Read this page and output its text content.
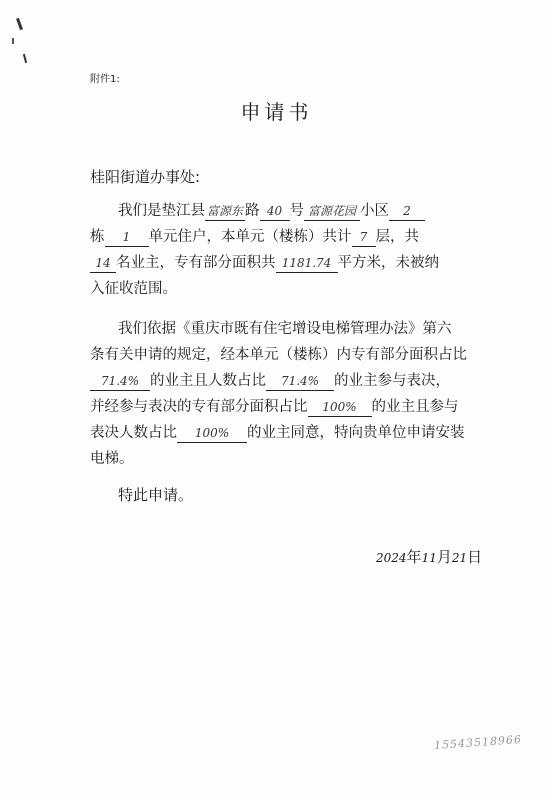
附件1:
申请书
桂阳街道办事处:
我们是垫江县 富源东 路 40 号 富源花园 小区 2
栋 1 单元住户，本单元（楼栋）共计 7 层，共
14 名业主，专有部分面积共 1181.74 平方米，未被纳
入征收范围。
我们依据《重庆市既有住宅增设电梯管理办法》第六
条有关申请的规定，经本单元（楼栋）内专有部分面积占比
71.4% 的业主且人数占比 71.4% 的业主参与表决，
并经参与表决的专有部分面积占比 100% 的业主且参与
表决人数占比 100% 的业主同意，特向贵单位申请安装
电梯。
特此申请。
2024年11月21日
15543518966
